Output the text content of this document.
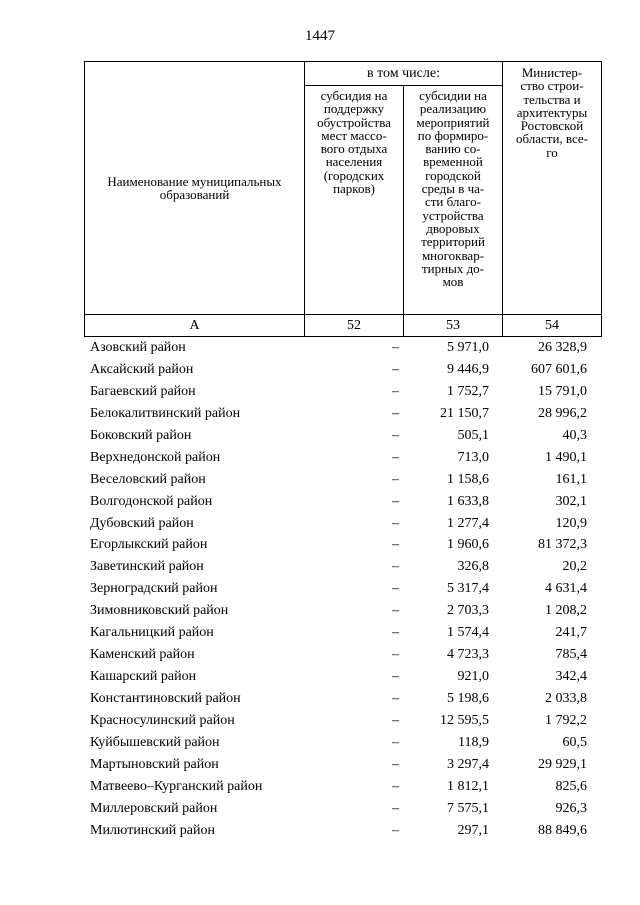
1447
Наименование муниципальных
образований
в том числе:
субсидия на
поддержку
обустройства
мест массо-
вого отдыха
населения
(городских
парков)
субсидии на
реализацию
мероприятий
по формиро-
ванию со-
временной
городской
среды в ча-
сти благо-
устройства
дворовых
территорий
многоквар-
тирных до-
мов
Министер-
ство строи-
тельства и
архитектуры
Ростовской
области, все-
го
А	52	53	54
Азовский район	–	5 971,0	26 328,9
Аксайский район	–	9 446,9	607 601,6
Багаевский район	–	1 752,7	15 791,0
Белокалитвинский район	–	21 150,7	28 996,2
Боковский район	–	505,1	40,3
Верхнедонской район	–	713,0	1 490,1
Веселовский район	–	1 158,6	161,1
Волгодонской район	–	1 633,8	302,1
Дубовский район	–	1 277,4	120,9
Егорлыкский район	–	1 960,6	81 372,3
Заветинский район	–	326,8	20,2
Зерноградский район	–	5 317,4	4 631,4
Зимовниковский район	–	2 703,3	1 208,2
Кагальницкий район	–	1 574,4	241,7
Каменский район	–	4 723,3	785,4
Кашарский район	–	921,0	342,4
Константиновский район	–	5 198,6	2 033,8
Красносулинский район	–	12 595,5	1 792,2
Куйбышевский район	–	118,9	60,5
Мартыновский район	–	3 297,4	29 929,1
Матвеево–Курганский район	–	1 812,1	825,6
Миллеровский район	–	7 575,1	926,3
Милютинский район	–	297,1	88 849,6
